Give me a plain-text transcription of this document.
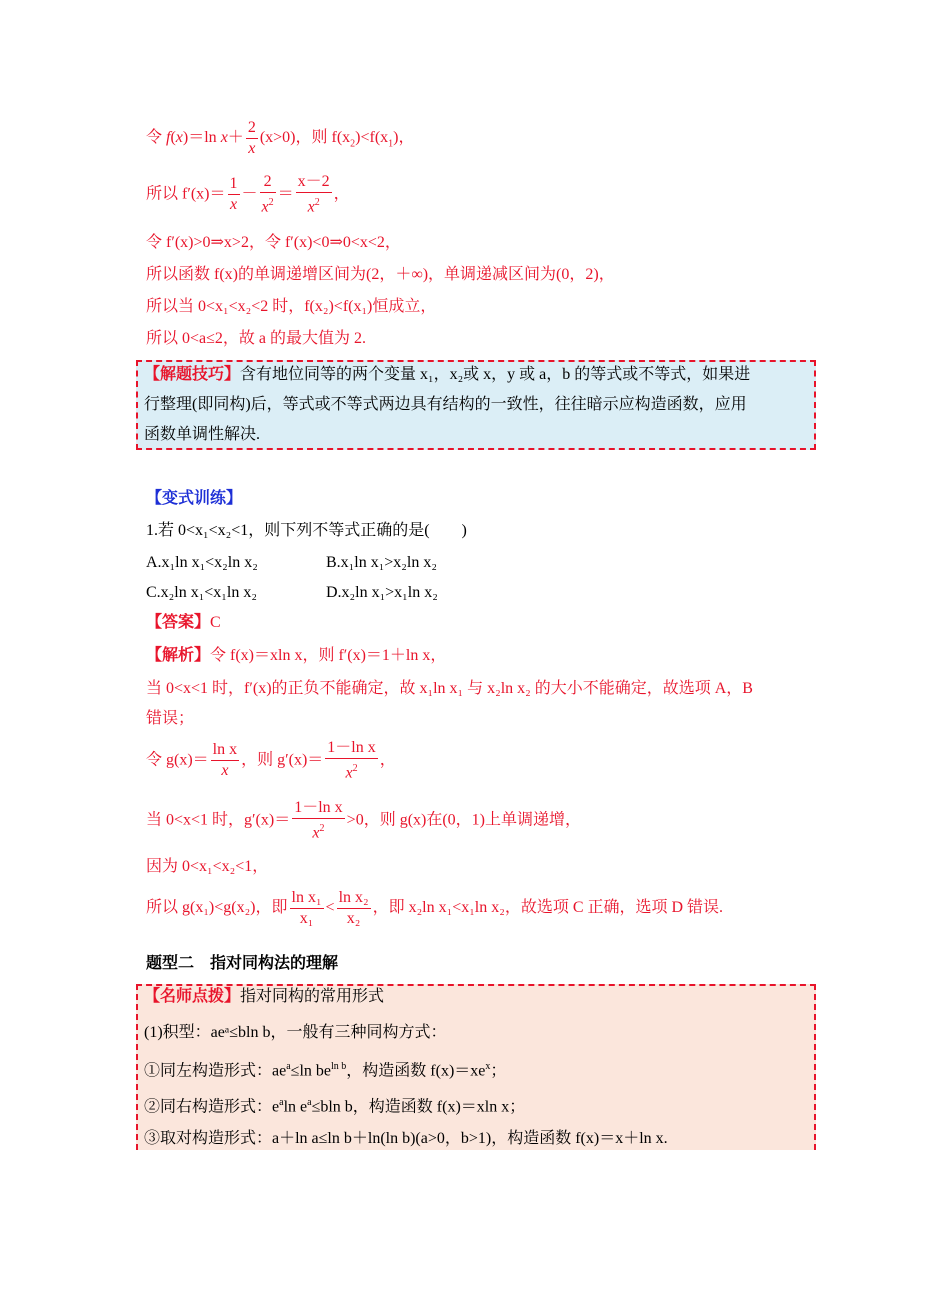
令 f(x)＝ln $x+ \frac{2}{x} (x>0)$，则 $f(x_2)<f(x_1)$，
所以 $f'(x)= \frac{1}{x} - \frac{2}{x^2} = \frac{x-2}{x^2}$ ，
令 f′(x)>0⇒x>2，令 f′(x)<0⇒0<x<2，
所以函数 f(x)的单调递增区间为(2，＋∞)，单调递减区间为(0，2)，
所以当 0<x₁<x₂<2 时，f(x₂)<f(x₁)恒成立，
所以 0<a≤2，故 a 的最大值为 2.
【解题技巧】含有地位同等的两个变量 x₁，x₂或 x，y 或 a，b 的等式或不等式，如果进
行整理(即同构)后，等式或不等式两边具有结构的一致性，往往暗示应构造函数，应用
函数单调性解决.
【变式训练】
1.若 0<x₁<x₂<1，则下列不等式正确的是(　　)
A.x₁ln x₁<x₂ln x₂	B.x₁ln x₁>x₂ln x₂
C.x₂ln x₁<x₁ln x₂	D.x₂ln x₁>x₁ln x₂
【答案】C
【解析】令 f(x)＝xln x，则 f′(x)＝1＋ln x，
当 0<x<1 时，f′(x)的正负不能确定，故 x₁ln x₁ 与 x₂ln x₂ 的大小不能确定，故选项 A，B
错误；
令 $g(x)= \frac{\text{ln x}}{x}$ ，则 $g'(x)= \frac{\text{1－ln x}}{x^2}$ ，
当 0<x<1 时，$g'(x)= \frac{\text{1－ln x}}{x^2} >0$，则 g(x)在(0，1)上单调递增，
因为 0<x₁<x₂<1，
所以 g(x₁)<g(x₂)，即 $\frac{\text{ln x₁}}{\text{x₁}} < \frac{\text{ln x₂}}{\text{x₂}}$ ，即 x₂ln x₁<x₁ln x₂，故选项 C 正确，选项 D 错误.
题型二　指对同构法的理解
【名师点拨】指对同构的常用形式
(1)积型：aeᵃ≤bln b，一般有三种同构方式：
①同左构造形式：$ae^a\le\ln$ $be^{ln b}$，构造函数 $f(x)=xe^x$；
②同右构造形式：$e^a\ln$ $e^a\le bln$ b，构造函数 f(x)＝xln x；
③取对构造形式：a＋ln a≤ln b＋ln(ln b)(a>0，b>1)，构造函数 f(x)＝x＋ln x.
